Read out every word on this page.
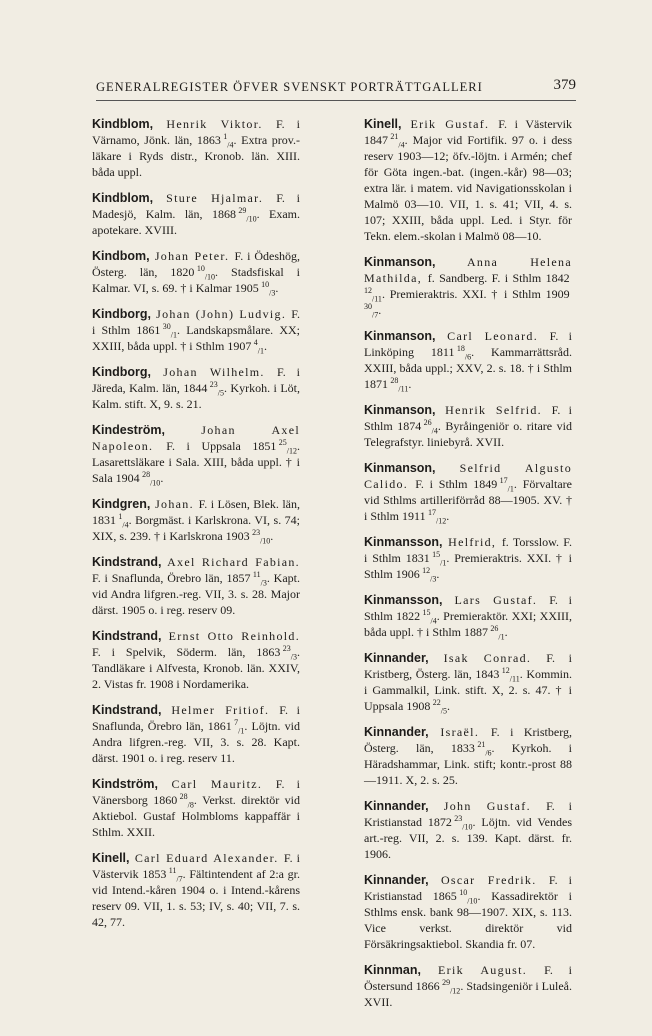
GENERALREGISTER ÖFVER SVENSKT PORTRÄTTGALLERI	379
Kindblom, Henrik Viktor. F. i Värnamo, Jönk. län, 1863 $^1_{/4}$. Extra prov.-läkare i Ryds distr., Kronob. län. XIII. båda uppl.
Kindblom, Sture Hjalmar. F. i Madesjö, Kalm. län, 1868 $^{29}_{/10}$. Exam. apotekare. XVIII.
Kindbom, Johan Peter. F. i Ödeshög, Österg. län, 1820 $^{10}_{/10}$. Stadsfiskal i Kalmar. VI, s. 69. † i Kalmar 1905 $^{10}_{/3}$.
Kindborg, Johan (John) Ludvig. F. i Sthlm 1861 $^{30}_{/1}$. Landskapsmålare. XX; XXIII, båda uppl. † i Sthlm 1907 $^4_{/1}$.
Kindborg, Johan Wilhelm. F. i Järeda, Kalm. län, 1844 $^{23}_{/5}$. Kyrkoh. i Löt, Kalm. stift. X, 9. s. 21.
Kindeström, Johan Axel Napoleon. F. i Uppsala 1851 $^{25}_{/12}$. Lasarettsläkare i Sala. XIII, båda uppl. † i Sala 1904 $^{28}_{/10}$.
Kindgren, Johan. F. i Lösen, Blek. län, 1831 $^1_{/4}$. Borgmäst. i Karlskrona. VI, s. 74; XIX, s. 239. † i Karlskrona 1903 $^{23}_{/10}$.
Kindstrand, Axel Richard Fabian. F. i Snaflunda, Örebro län, 1857 $^{11}_{/3}$. Kapt. vid Andra lifgren.-reg. VII, 3. s. 28. Major därst. 1905 o. i reg. reserv 09.
Kindstrand, Ernst Otto Reinhold. F. i Spelvik, Söderm. län, 1863 $^{23}_{/3}$. Tandläkare i Alfvesta, Kronob. län. XXIV, 2. Vistas fr. 1908 i Nordamerika.
Kindstrand, Helmer Fritiof. F. i Snaflunda, Örebro län, 1861 $^7_{/1}$. Löjtn. vid Andra lifgren.-reg. VII, 3. s. 28. Kapt. därst. 1901 o. i reg. reserv 11.
Kindström, Carl Mauritz. F. i Vänersborg 1860 $^{28}_{/8}$. Verkst. direktör vid Aktiebol. Gustaf Holmbloms kappaffär i Sthlm. XXII.
Kinell, Carl Eduard Alexander. F. i Västervik 1853 $^{11}_{/7}$. Fältintendent af 2:a gr. vid Intend.-kåren 1904 o. i Intend.-kårens reserv 09. VII, 1. s. 53; IV, s. 40; VII, 7. s. 42, 77.
Kinell, Erik Gustaf. F. i Västervik 1847 $^{21}_{/4}$. Major vid Fortifik. 97 o. i dess reserv 1903—12; öfv.-löjtn. i Armén; chef för Göta ingen.-bat. (ingen.-kår) 98—03; extra lär. i matem. vid Navigationsskolan i Malmö 03—10. VII, 1. s. 41; VII, 4. s. 107; XXIII, båda uppl. Led. i Styr. för Tekn. elem.-skolan i Malmö 08—10.
Kinmanson, Anna Helena Mathilda, f. Sandberg. F. i Sthlm 1842 $^{12}_{/11}$. Premieraktris. XXI. † i Sthlm 1909 $^{30}_{/7}$.
Kinmanson, Carl Leonard. F. i Linköping 1811 $^{18}_{/6}$. Kammarrättsråd. XXIII, båda uppl.; XXV, 2. s. 18. † i Sthlm 1871 $^{28}_{/11}$.
Kinmanson, Henrik Selfrid. F. i Sthlm 1874 $^{26}_{/4}$. Byråingeniör o. ritare vid Telegrafstyr. liniebyrå. XVII.
Kinmanson, Selfrid Algusto Calido. F. i Sthlm 1849 $^{17}_{/1}$. Förvaltare vid Sthlms artilleriförråd 88—1905. XV. † i Sthlm 1911 $^{17}_{/12}$.
Kinmansson, Helfrid, f. Torsslow. F. i Sthlm 1831 $^{15}_{/1}$. Premieraktris. XXI. † i Sthlm 1906 $^{12}_{/3}$.
Kinmansson, Lars Gustaf. F. i Sthlm 1822 $^{15}_{/4}$. Premieraktör. XXI; XXIII, båda uppl. † i Sthlm 1887 $^{26}_{/1}$.
Kinnander, Isak Conrad. F. i Kristberg, Österg. län, 1843 $^{12}_{/11}$. Kommin. i Gammalkil, Link. stift. X, 2. s. 47. † i Uppsala 1908 $^{22}_{/5}$.
Kinnander, Israël. F. i Kristberg, Österg. län, 1833 $^{21}_{/6}$. Kyrkoh. i Häradshammar, Link. stift; kontr.-prost 88—1911. X, 2. s. 25.
Kinnander, John Gustaf. F. i Kristianstad 1872 $^{23}_{/10}$. Löjtn. vid Vendes art.-reg. VII, 2. s. 139. Kapt. därst. fr. 1906.
Kinnander, Oscar Fredrik. F. i Kristianstad 1865 $^{10}_{/10}$. Kassadirektör i Sthlms ensk. bank 98—1907. XIX, s. 113. Vice verkst. direktör vid Försäkringsaktiebol. Skandia fr. 07.
Kinnman, Erik August. F. i Östersund 1866 $^{29}_{/12}$. Stadsingeniör i Luleå. XVII.
